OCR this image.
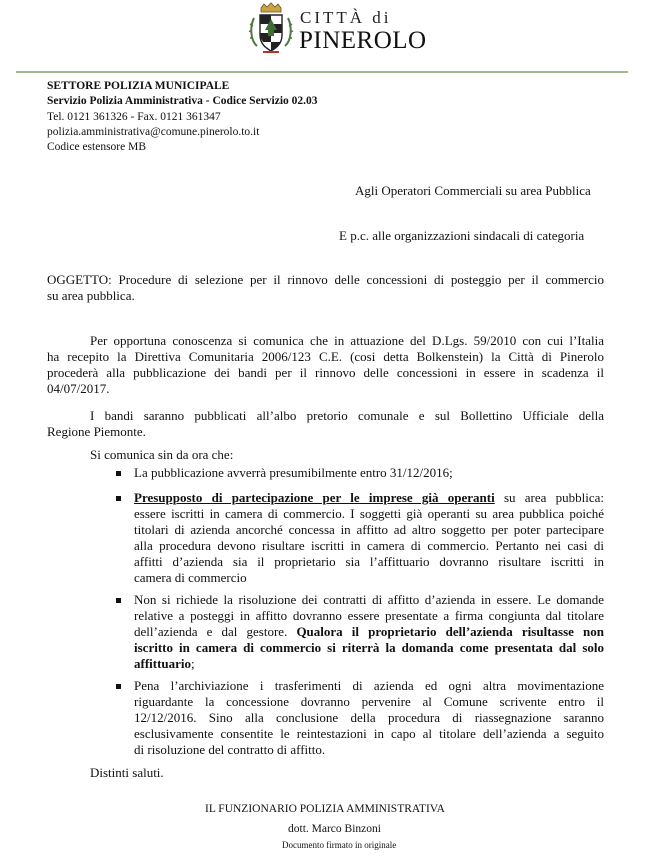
CITTÀ di
PINEROLO
SETTORE POLIZIA MUNICIPALE
Servizio Polizia Amministrativa - Codice Servizio 02.03
Tel. 0121 361326 - Fax. 0121 361347
polizia.amministrativa@comune.pinerolo.to.it
Codice estensore MB
Agli Operatori Commerciali su area Pubblica
E p.c. alle organizzazioni sindacali di categoria
OGGETTO: Procedure di selezione per il rinnovo delle concessioni di posteggio per il commercio
su area pubblica.
Per opportuna conoscenza si comunica che in attuazione del D.Lgs. 59/2010 con cui l’Italia
ha recepito la Direttiva Comunitaria 2006/123 C.E. (cosi detta Bolkenstein) la Città di Pinerolo
procederà alla pubblicazione dei bandi per il rinnovo delle concessioni in essere in scadenza il
04/07/2017.
I bandi saranno pubblicati all’albo pretorio comunale e sul Bollettino Ufficiale della
Regione Piemonte.
Si comunica sin da ora che:
La pubblicazione avverrà presumibilmente entro 31/12/2016;
Presupposto di partecipazione per le imprese già operanti su area pubblica:
essere iscritti in camera di commercio. I soggetti già operanti su area pubblica poiché
titolari di azienda ancorché concessa in affitto ad altro soggetto per poter partecipare
alla procedura devono risultare iscritti in camera di commercio. Pertanto nei casi di
affitti d’azienda sia il proprietario sia l’affittuario dovranno risultare iscritti in
camera di commercio
Non si richiede la risoluzione dei contratti di affitto d’azienda in essere. Le domande
relative a posteggi in affitto dovranno essere presentate a firma congiunta dal titolare
dell’azienda e dal gestore. Qualora il proprietario dell’azienda risultasse non
iscritto in camera di commercio si riterrà la domanda come presentata dal solo
affittuario;
Pena l’archiviazione i trasferimenti di azienda ed ogni altra movimentazione
riguardante la concessione dovranno pervenire al Comune scrivente entro il
12/12/2016. Sino alla conclusione della procedura di riassegnazione saranno
esclusivamente consentite le reintestazioni in capo al titolare dell’azienda a seguito
di risoluzione del contratto di affitto.
Distinti saluti.
IL FUNZIONARIO POLIZIA AMMINISTRATIVA
dott. Marco Binzoni
Documento firmato in originale
